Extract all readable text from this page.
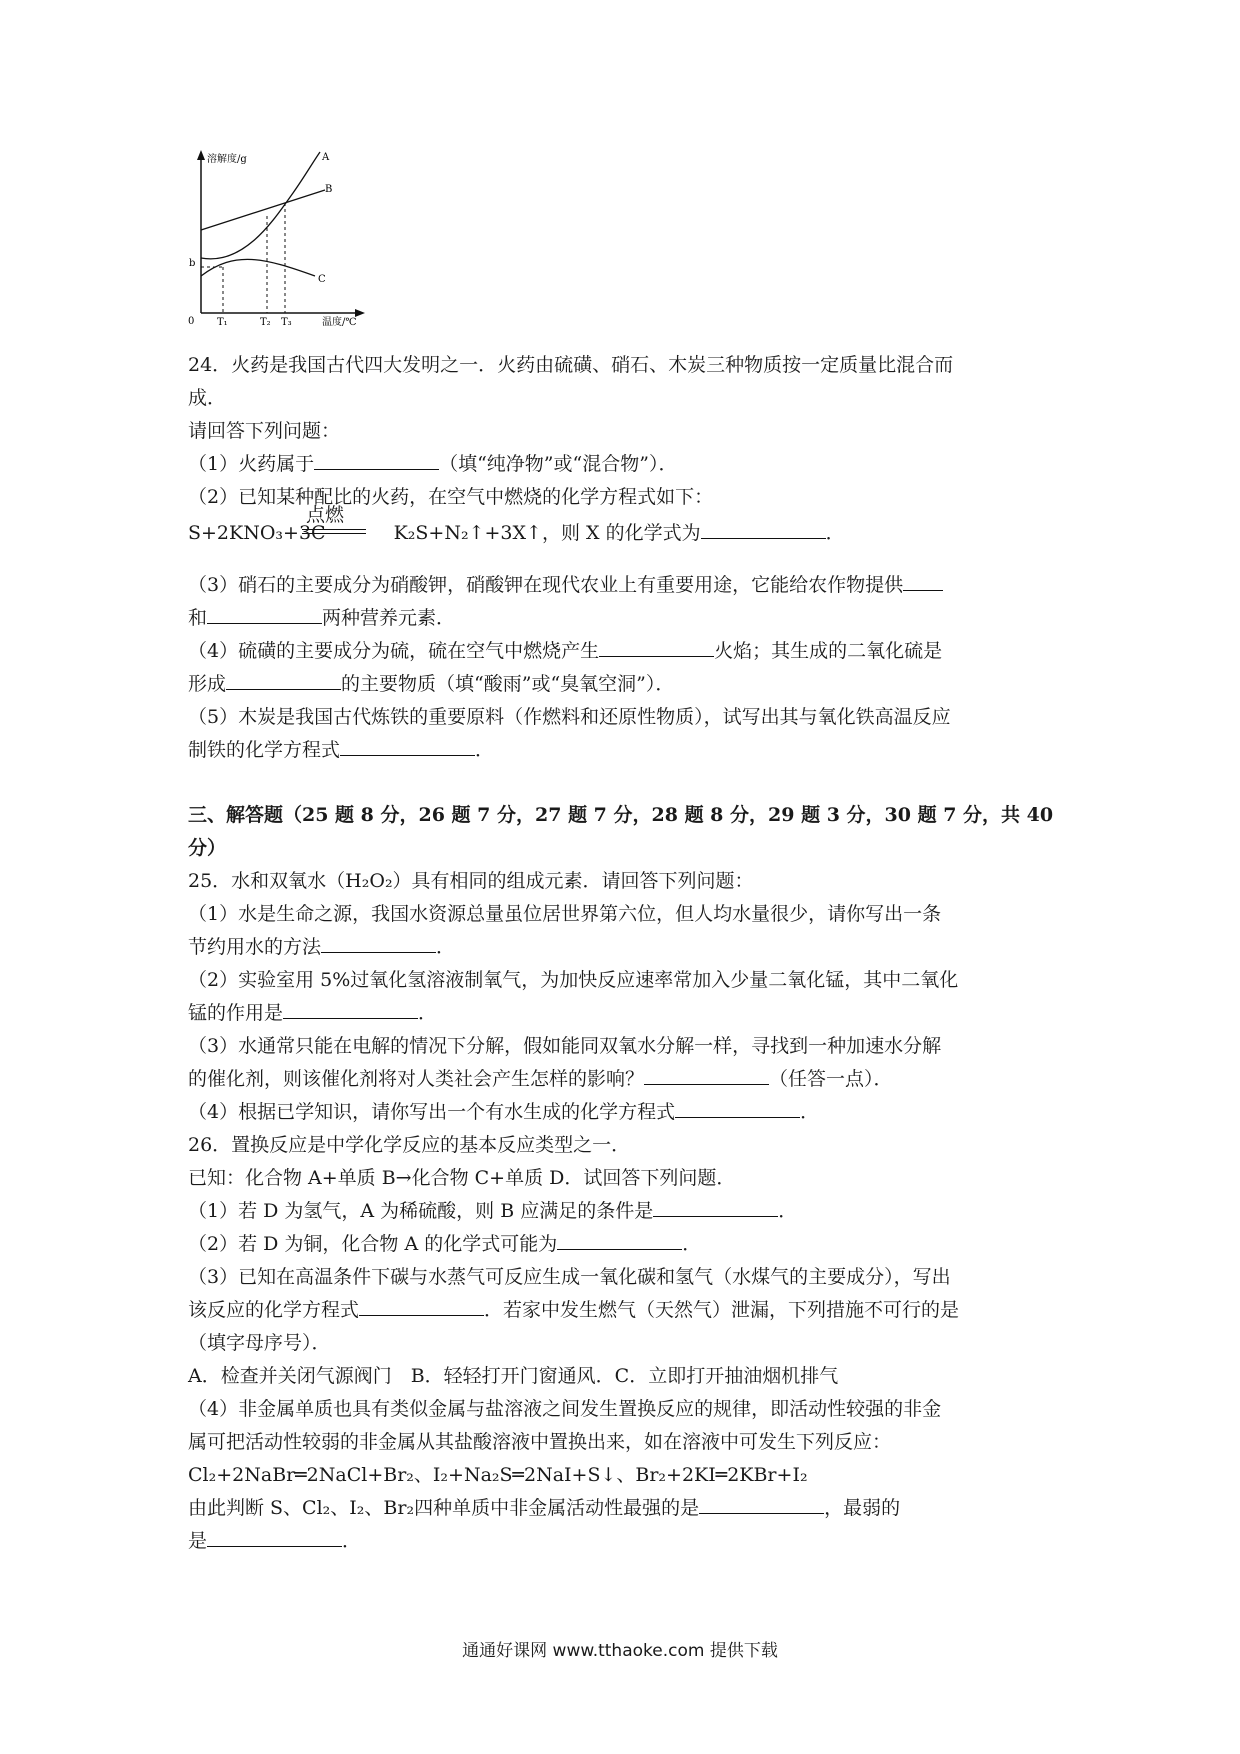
溶解度/g
温度/℃
0
b
A
B
C
T₁	T₂ T₃
24．火药是我国古代四大发明之一．火药由硫磺、硝石、木炭三种物质按一定质量比混合而
成．
请回答下列问题：
（1）火药属于	（填“纯净物”或“混合物”）．
（2）已知某种配比的火药，在空气中燃烧的化学方程式如下：
点燃
S+2KNO₃+3C	K₂S+N₂↑+3X↑，则 X 的化学式为	．
（3）硝石的主要成分为硝酸钾，硝酸钾在现代农业上有重要用途，它能给农作物提供
和	两种营养元素．
（4）硫磺的主要成分为硫，硫在空气中燃烧产生	火焰；其生成的二氧化硫是
形成	的主要物质（填“酸雨”或“臭氧空洞”）．
（5）木炭是我国古代炼铁的重要原料（作燃料和还原性物质），试写出其与氧化铁高温反应
制铁的化学方程式	．
三、解答题（25 题 8 分，26 题 7 分，27 题 7 分，28 题 8 分，29 题 3 分，30 题 7 分，共 40
分）
25．水和双氧水（H₂O₂）具有相同的组成元素．请回答下列问题：
（1）水是生命之源，我国水资源总量虽位居世界第六位，但人均水量很少，请你写出一条
节约用水的方法	．
（2）实验室用 5%过氧化氢溶液制氧气，为加快反应速率常加入少量二氧化锰，其中二氧化
锰的作用是	．
（3）水通常只能在电解的情况下分解，假如能同双氧水分解一样，寻找到一种加速水分解
的催化剂，则该催化剂将对人类社会产生怎样的影响？	（任答一点）．
（4）根据已学知识，请你写出一个有水生成的化学方程式	．
26．置换反应是中学化学反应的基本反应类型之一．
已知：化合物 A+单质 B→化合物 C+单质 D．试回答下列问题．
（1）若 D 为氢气，A 为稀硫酸，则 B 应满足的条件是	．
（2）若 D 为铜，化合物 A 的化学式可能为	．
（3）已知在高温条件下碳与水蒸气可反应生成一氧化碳和氢气（水煤气的主要成分），写出
该反应的化学方程式	．若家中发生燃气（天然气）泄漏，下列措施不可行的是
（填字母序号）．
A．检查并关闭气源阀门　B．轻轻打开门窗通风．C．立即打开抽油烟机排气
（4）非金属单质也具有类似金属与盐溶液之间发生置换反应的规律，即活动性较强的非金
属可把活动性较弱的非金属从其盐酸溶液中置换出来，如在溶液中可发生下列反应：
Cl₂+2NaBr═2NaCl+Br₂、I₂+Na₂S═2NaI+S↓、Br₂+2KI═2KBr+I₂
由此判断 S、Cl₂、I₂、Br₂四种单质中非金属活动性最强的是	，最弱的
是	．
通通好课网 www.tthaoke.com 提供下载
